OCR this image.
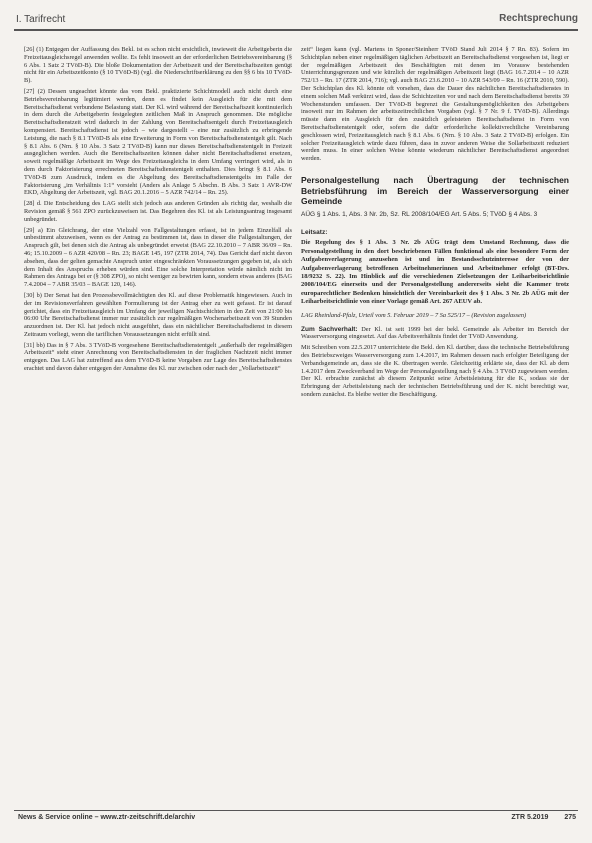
I. Tarifrecht	Rechtsprechung

[26] (1) Entgegen der Auffassung des Bekl. ist es schon nicht ersichtlich, inwieweit die Arbeitgeberin die Freizeitausgleichsregel anwenden wollte. Es fehlt insoweit an der erforderlichen Betriebsvereinbarung (§ 6 Abs. 1 Satz 2 TVöD-B). Die bloße Dokumentation der Arbeitszeit und der Bereitschaftszeiten genügt nicht für ein Arbeitszeitkonto (§ 10 TVöD-B) (vgl. die Niederschriftserklärung zu den §§ 6 bis 10 TVöD-B).

[27] (2) Dessen ungeachtet könnte das vom Bekl. praktizierte Schichtmodell auch nicht durch eine Betriebsvereinbarung legitimiert werden, denn es findet kein Ausgleich für die mit dem Bereitschaftsdienst verbundene Belastung statt. Der Kl. wird während der Bereitschaftszeit kontinuierlich in dem durch die Arbeitgeberin festgelegten zeitlichen Maß in Anspruch genommen. Die mögliche Bereitschaftsdienstzeit wird dadurch in der Zahlung von Bereitschaftsentgelt durch Freizeitausgleich kompensiert. Bereitschaftsdienst ist jedoch – wie dargestellt – eine nur zusätzlich zu erbringende Leistung, die nach § 8.1 TVöD-B als eine Erweiterung in Form von Bereitschaftsdienstentgelt gilt. Nach § 8.1 Abs. 6 (Nrn. § 10 Abs. 3 Satz 2 TVöD-B) kann nur dieses Bereitschaftsdienstentgelt in Freizeit ausgeglichen werden. Auch die Bereitschaftszeiten können daher nicht Bereitschaftsdienst ersetzen, soweit regelmäßige Arbeitszeit im Wege des Freizeitausgleichs in dem Umfang verringert wird, als in dem durch Faktorisierung errechneten Bereitschaftsdienstentgelt enthalten. Dies bringt § 8.1 Abs. 6 TVöD-B zum Ausdruck, indem es die Abgeltung des Bereitschaftsdienstentgelts im Falle der Faktorisierung „im Verhältnis 1:1“ vorsieht (Anders als Anlage 5 Abschn. B Abs. 3 Satz 1 AVR-DW EKD, Abgeltung der Arbeitszeit, vgl. BAG 20.1.2016 – 5 AZR 742/14 – Rn. 25).

[28] d. Die Entscheidung des LAG stellt sich jedoch aus anderen Gründen als richtig dar, weshalb die Revision gemäß § 561 ZPO zurückzuweisen ist. Das Begehren des Kl. ist als Leistungsantrag insgesamt unbegründet.

[29] a) Ein Gleichrang, der eine Vielzahl von Fallgestaltungen erfasst, ist in jedem Einzelfall als unbestimmt abzuweisen, wenn es der Antrag zu bestimmen ist, dass in dieser die Fallgestaltungen, der Anspruch gilt, bei denen sich die Antrag als unbegründet erweist (BAG 22.10.2010 – 7 ABR 36/09 – Rn. 46; 15.10.2009 – 6 AZR 420/08 – Rn. 23; BAGE 145, 197 (ZTR 2014, 74). Das Gericht darf nicht davon absehen, dass der gelten gemachte Anspruch unter eingeschränkten Voraussetzungen gegeben ist, als sich dem Inhalt des Anspruchs erheben würden sind. Eine solche Interpretation würde nämlich nicht im Rahmen des Antrags bei er (§ 308 ZPO), so nicht weniger zu bewirten kann, sondern etwas anderes (BAG 7.4.2004 – 7 ABR 35/03 – BAGE 120, 146).

[30] b) Der Senat hat den Prozessbevollmächtigten des Kl. auf diese Problematik hingewiesen. Auch in der im Revisionsverfahren gewählten Formulierung ist der Antrag eher zu weit gefasst. Er ist darauf gerichtet, dass ein Freizeitausgleich im Umfang der jeweiligen Nachtschichten in den Zeit von 21:00 bis 06:00 Uhr Bereitschaftsdienst immer nur zusätzlich zur regelmäßigen Wochenarbeitszeit von 39 Stunden anzuordnen ist. Der Kl. hat jedoch nicht ausgeführt, dass ein nächtlicher Bereitschaftsdienst in diesem Zeitraum vorliegt, wenn die tariflichen Voraussetzungen nicht erfüllt sind.

[31] bb) Das in § 7 Abs. 3 TVöD-B vorgesehene Bereitschaftsdienstentgelt „außerhalb der regelmäßigen Arbeitszeit“ steht einer Anrechnung von Bereitschaftsdiensten in der fraglichen Nachtzeit nicht immer entgegen. Das LAG hat zutreffend aus dem TVöD-B keine Vorgaben zur Lage des Bereitschaftsdienstes erachtet und davon daher entgegen der Annahme des Kl. nur zwischen oder nach der „Vollarbeitszeit“

zeit“ liegen kann (vgl. Martens in Sponer/Steinherr TVöD Stand Juli 2014 § 7 Rn. 83). Sofern im Schichtplan neben einer regelmäßigen täglichen Arbeitszeit an Bereitschaftsdienst vorgesehen ist, liegt er der regelmäßigen Arbeitszeit des Beschäftigten mit denen im Vorausw bestehenden Unterrichtungsgrenzen und wie kürzlich der regelmäßigen Arbeitszeit liegt (BAG 16.7.2014 – 10 AZR 752/13 – Rn. 17 (ZTR 2014, 716); vgl. auch BAG 23.6.2010 – 10 AZR 543/09 – Rn. 16 (ZTR 2010, 590). Der Schichtplan des Kl. könnte oft vorsehen, dass die Dauer des nächtlichen Bereitschaftsdienstes in einem solchen Maß verkürzt wird, dass die Schichtzeiten vor und nach dem Bereitschaftsdienst bereits 39 Wochenstunden umfassen. Der TVöD-B begrenzt die Gestaltungsmöglichkeiten des Arbeitgebers insoweit nur im Rahmen der arbeitszeitrechtlichen Vorgaben (vgl. § 7 Nr. 9 f. TVöD-B). Allerdings müsste dann ein Ausgleich für den zusätzlich geleisteten Bereitschaftsdienst in Form von Bereitschaftsdienstentgelt oder, sofern die dafür erforderliche kollektivrechtliche Vereinbarung geschlossen wird, Freizeitausgleich nach § 8.1 Abs. 6 (Nrn. § 10 Abs. 3 Satz 2 TVöD-B) erfolgen. Ein solcher Freizeitausgleich würde dazu führen, dass in zuvor anderen Weise die Sollarbeitszeit reduziert werden muss. In einer solchen Weise könnte wiederum nächtlicher Bereitschaftsdienst angeordnet werden.

Personalgestellung nach Übertragung der technischen Betriebsführung im Bereich der Wasserversorgung einer Gemeinde
AÜG § 1 Abs. 1, Abs. 3 Nr. 2b, Sz. RL 2008/104/EG Art. 5 Abs. 5; TVöD § 4 Abs. 3
Leitsatz:
Die Regelung des § 1 Abs. 3 Nr. 2b AÜG trägt dem Umstand Rechnung, dass die Personalgestellung in den dort beschriebenen Fällen funktional als eine besondere Form der Aufgabenverlagerung anzusehen ist und im Bestandsschutzinteresse der von der Aufgabenverlagerung betroffenen Arbeitnehmerinnen und Arbeitnehmer erfolgt (BT-Drs. 18/9232 S. 22). Im Hinblick auf die verschiedenen Zielsetzungen der Leiharbeitsrichtlinie 2008/104/EG einerseits und der Personalgestellung andererseits sieht die Kammer trotz europarechtlicher Bedenken hinsichtlich der Vereinbarkeit des § 1 Abs. 3 Nr. 2b AÜG mit der Leiharbeitsrichtlinie von einer Vorlage gemäß Art. 267 AEUV ab.
LAG Rheinland-Pfalz, Urteil vom 5. Februar 2019 – 7 Sa 525/17 – (Revision zugelassen)

Zum Sachverhalt: Der Kl. ist seit 1999 bei der bekl. Gemeinde als Arbeiter im Bereich der Wasserversorgung eingesetzt. Auf das Arbeitsverhältnis findet der TVöD Anwendung.

Mit Schreiben vom 22.5.2017 unterrichtete die Bekl. den Kl. darüber, dass die technische Betriebsführung des Betriebszweiges Wasserversorgung zum 1.4.2017, im Rahmen dessen nach erfolgter Beteiligung der Verbandsgemeinde an, dass sie die K. übertragen werde. Gleichzeitig erklärte sie, dass der Kl. ab dem 1.4.2017 dem Zweckverband im Wege der Personalgestellung nach § 4 Abs. 3 TVöD zugewiesen werden. Der Kl. erbrachte zunächst ab diesem Zeitpunkt seine Arbeitsleistung für die K., sodass sie der Erbringung der Arbeitsleistung nach der technischen Betriebsführung und der K. nicht berechtigt war, sondern zunächst. Es bleibe weiter die Beschäftigung.

News & Service online – www.ztr-zeitschrift.de/archiv	ZTR 5.2019 275
